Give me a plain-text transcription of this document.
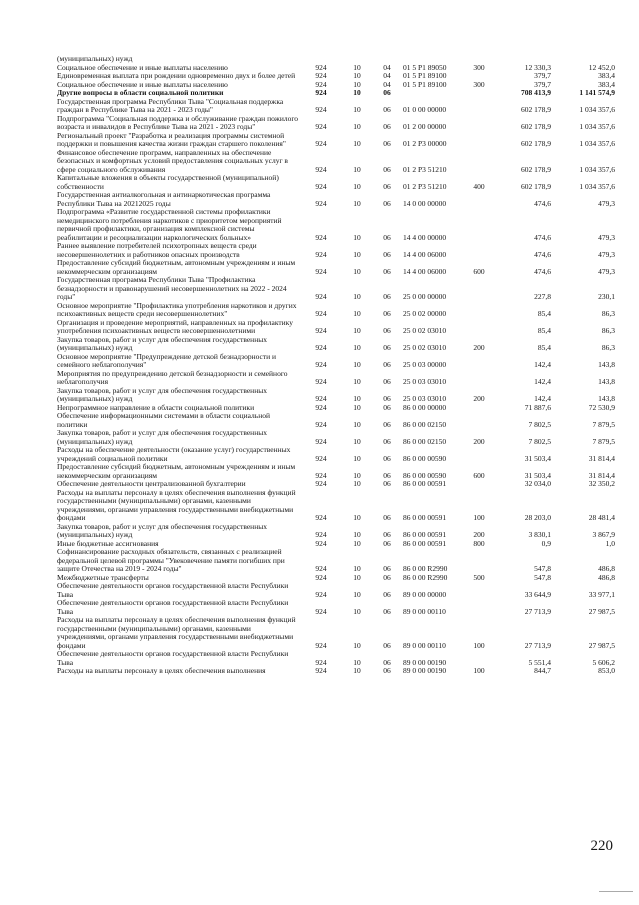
(муниципальных) нужд							
Социальное обеспечение и иные выплаты населению	924	10	04	01 5 P1 89050	300	12 330,3	12 452,0
Единовременная выплата при рождении одновременно двух и более детей	924	10	04	01 5 P1 89100		379,7	383,4
Социальное обеспечение и иные выплаты населению	924	10	04	01 5 P1 89100	300	379,7	383,4
Другие вопросы в области социальной политики	924	10	06			708 413,9	1 141 574,9
Государственная программа Республики Тыва "Социальная поддержка граждан в Республике Тыва на 2021 - 2023 годы"	924	10	06	01 0 00 00000		602 178,9	1 034 357,6
Подпрограмма "Социальная поддержка и обслуживание граждан пожилого возраста и инвалидов в Республике Тыва на 2021 - 2023 годы"	924	10	06	01 2 00 00000		602 178,9	1 034 357,6
Региональный проект "Разработка и реализация программы системной поддержки и повышения качества жизни граждан старшего поколения"	924	10	06	01 2 P3 00000		602 178,9	1 034 357,6
Финансовое обеспечение программ, направленных на обеспечение безопасных и комфортных условий предоставления социальных услуг в сфере социального обслуживания	924	10	06	01 2 P3 51210		602 178,9	1 034 357,6
Капитальные вложения в объекты государственной (муниципальной) собственности	924	10	06	01 2 P3 51210	400	602 178,9	1 034 357,6
Государственная антиалкогольная и антинаркотическая программа Республики Тыва на 20212025 годы	924	10	06	14 0 00 00000		474,6	479,3
Подпрограмма «Развитие государственной системы профилактики немедицинского потребления наркотиков с приоритетом мероприятий первичной профилактики, организация комплексной системы реабилитации и ресоциализации наркологических больных»	924	10	06	14 4 00 00000		474,6	479,3
Раннее выявление потребителей психотропных веществ среди несовершеннолетних и работников опасных производств	924	10	06	14 4 00 06000		474,6	479,3
Предоставление субсидий бюджетным, автономным учреждениям и иным некоммерческим организациям	924	10	06	14 4 00 06000	600	474,6	479,3
Государственная программа Республики Тыва "Профилактика безнадзорности и правонарушений несовершеннолетних на 2022 - 2024 годы"	924	10	06	25 0 00 00000		227,8	230,1
Основное мероприятие "Профилактика употребления наркотиков и других психоактивных веществ среди несовершеннолетних"	924	10	06	25 0 02 00000		85,4	86,3
Организация и проведение мероприятий, направленных на профилактику употребления психоактивных веществ несовершеннолетними	924	10	06	25 0 02 03010		85,4	86,3
Закупка товаров, работ и услуг для обеспечения государственных (муниципальных) нужд	924	10	06	25 0 02 03010	200	85,4	86,3
Основное мероприятие "Предупреждение детской безнадзорности и семейного неблагополучия"	924	10	06	25 0 03 00000		142,4	143,8
Мероприятия по предупреждению детской безнадзорности и семейного неблагополучия	924	10	06	25 0 03 03010		142,4	143,8
Закупка товаров, работ и услуг для обеспечения государственных (муниципальных) нужд	924	10	06	25 0 03 03010	200	142,4	143,8
Непрограммное направление в области социальной политики	924	10	06	86 0 00 00000		71 887,6	72 530,9
Обеспечение информационными системами в области социальной политики	924	10	06	86 0 00 02150		7 802,5	7 879,5
Закупка товаров, работ и услуг для обеспечения государственных (муниципальных) нужд	924	10	06	86 0 00 02150	200	7 802,5	7 879,5
Расходы на обеспечение деятельности (оказание услуг) государственных учреждений социальной политики	924	10	06	86 0 00 00590		31 503,4	31 814,4
Предоставление субсидий бюджетным, автономным учреждениям и иным некоммерческим организациям	924	10	06	86 0 00 00590	600	31 503,4	31 814,4
Обеспечение деятельности централизованной бухгалтерии	924	10	06	86 0 00 00591		32 034,0	32 350,2
Расходы на выплаты персоналу в целях обеспечения выполнения функций государственными (муниципальными) органами, казенными учреждениями, органами управления государственными внебюджетными фондами	924	10	06	86 0 00 00591	100	28 203,0	28 481,4
Закупка товаров, работ и услуг для обеспечения государственных (муниципальных) нужд	924	10	06	86 0 00 00591	200	3 830,1	3 867,9
Иные бюджетные ассигнования	924	10	06	86 0 00 00591	800	0,9	1,0
Софинансирование расходных обязательств, связанных с реализацией федеральной целевой программы "Увековечение памяти погибших при защите Отечества на 2019 - 2024 годы"	924	10	06	86 0 00 R2990		547,8	486,8
Межбюджетные трансферты	924	10	06	86 0 00 R2990	500	547,8	486,8
Обеспечение деятельности органов государственной власти Республики Тыва	924	10	06	89 0 00 00000		33 644,9	33 977,1
Обеспечение деятельности органов государственной власти Республики Тыва	924	10	06	89 0 00 00110		27 713,9	27 987,5
Расходы на выплаты персоналу в целях обеспечения выполнения функций государственными (муниципальными) органами, казенными учреждениями, органами управления государственными внебюджетными фондами	924	10	06	89 0 00 00110	100	27 713,9	27 987,5
Обеспечение деятельности органов государственной власти Республики Тыва	924	10	06	89 0 00 00190		5 551,4	5 606,2
Расходы на выплаты персоналу в целях обеспечения выполнения	924	10	06	89 0 00 00190	100	844,7	853,0
220
